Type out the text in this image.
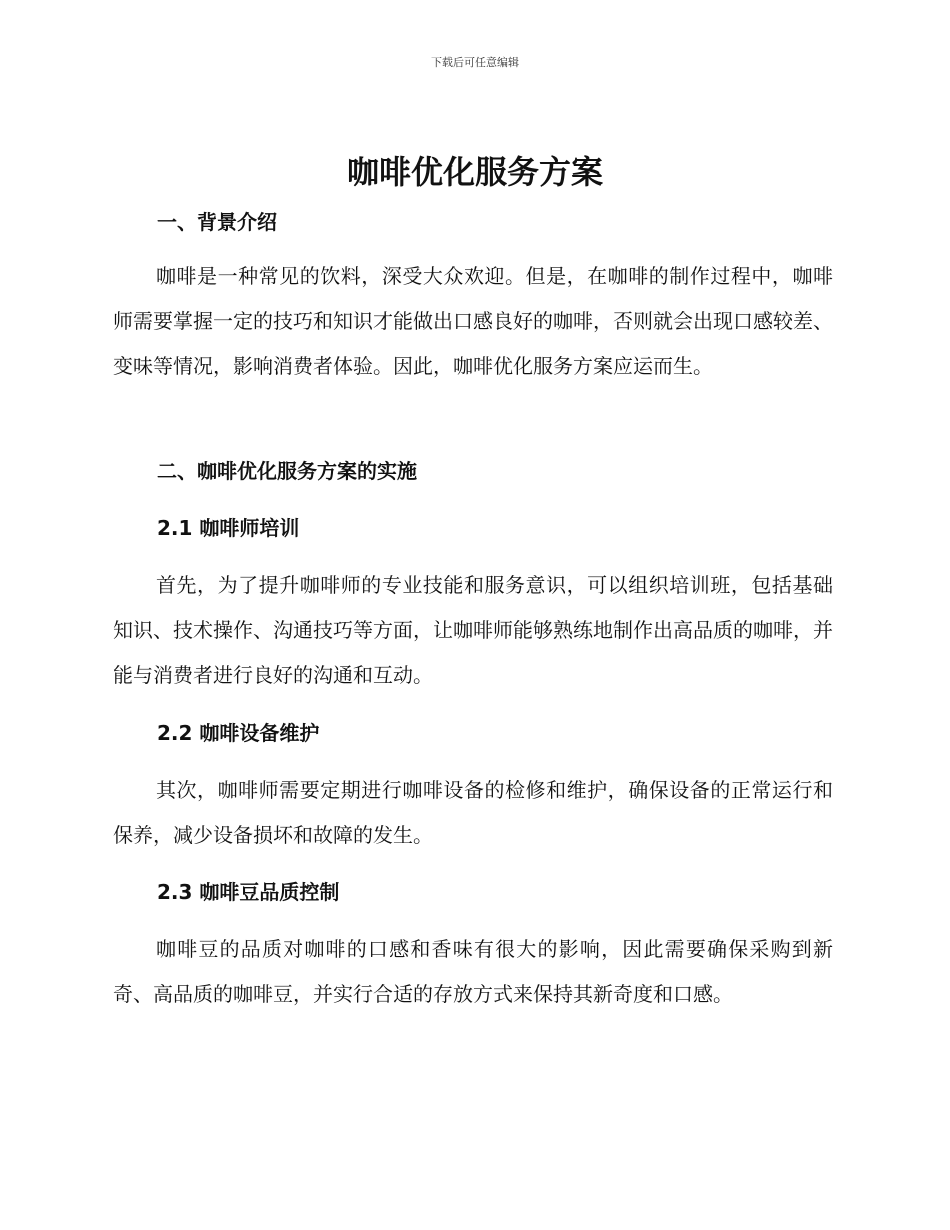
下载后可任意编辑
咖啡优化服务方案
一、背景介绍

咖啡是一种常见的饮料，深受大众欢迎。但是，在咖啡的制作过程中，咖啡师需要掌握一定的技巧和知识才能做出口感良好的咖啡，否则就会出现口感较差、变味等情况，影响消费者体验。因此，咖啡优化服务方案应运而生。

二、咖啡优化服务方案的实施
2.1 咖啡师培训

首先，为了提升咖啡师的专业技能和服务意识，可以组织培训班，包括基础知识、技术操作、沟通技巧等方面，让咖啡师能够熟练地制作出高品质的咖啡，并能与消费者进行良好的沟通和互动。

2.2 咖啡设备维护

其次，咖啡师需要定期进行咖啡设备的检修和维护，确保设备的正常运行和保养，减少设备损坏和故障的发生。

2.3 咖啡豆品质控制

咖啡豆的品质对咖啡的口感和香味有很大的影响，因此需要确保采购到新奇、高品质的咖啡豆，并实行合适的存放方式来保持其新奇度和口感。
